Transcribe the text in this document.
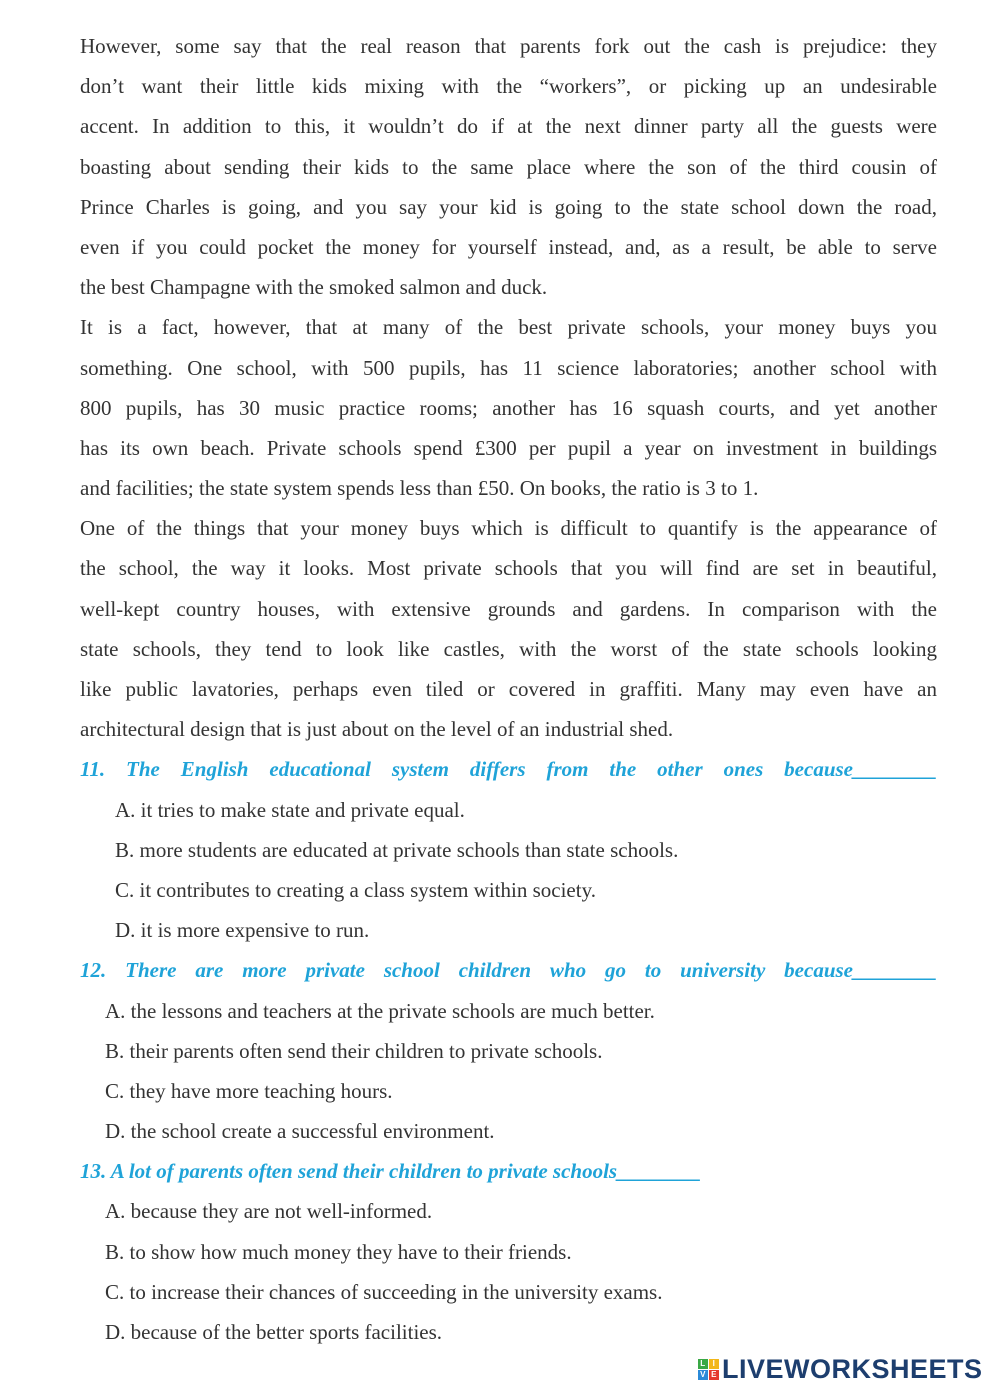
However, some say that the real reason that parents fork out the cash is prejudice: they
don’t want their little kids mixing with the “workers”, or picking up an undesirable
accent. In addition to this, it wouldn’t do if at the next dinner party all the guests were
boasting about sending their kids to the same place where the son of the third cousin of
Prince Charles is going, and you say your kid is going to the state school down the road,
even if you could pocket the money for yourself instead, and, as a result, be able to serve
the best Champagne with the smoked salmon and duck.
It is a fact, however, that at many of the best private schools, your money buys you
something. One school, with 500 pupils, has 11 science laboratories; another school with
800 pupils, has 30 music practice rooms; another has 16 squash courts, and yet another
has its own beach. Private schools spend £300 per pupil a year on investment in buildings
and facilities; the state system spends less than £50. On books, the ratio is 3 to 1.
One of the things that your money buys which is difficult to quantify is the appearance of
the school, the way it looks. Most private schools that you will find are set in beautiful,
well-kept country houses, with extensive grounds and gardens. In comparison with the
state schools, they tend to look like castles, with the worst of the state schools looking
like public lavatories, perhaps even tiled or covered in graffiti. Many may even have an
architectural design that is just about on the level of an industrial shed.
11. The English educational system differs from the other ones because________
A. it tries to make state and private equal.
B. more students are educated at private schools than state schools.
C. it contributes to creating a class system within society.
D. it is more expensive to run.
12. There are more private school children who go to university because________
A. the lessons and teachers at the private schools are much better.
B. their parents often send their children to private schools.
C. they have more teaching hours.
D. the school create a successful environment.
13. A lot of parents often send their children to private schools________
A. because they are not well-informed.
B. to show how much money they have to their friends.
C. to increase their chances of succeeding in the university exams.
D. because of the better sports facilities.
L I
V E LIVEWORKSHEETS
